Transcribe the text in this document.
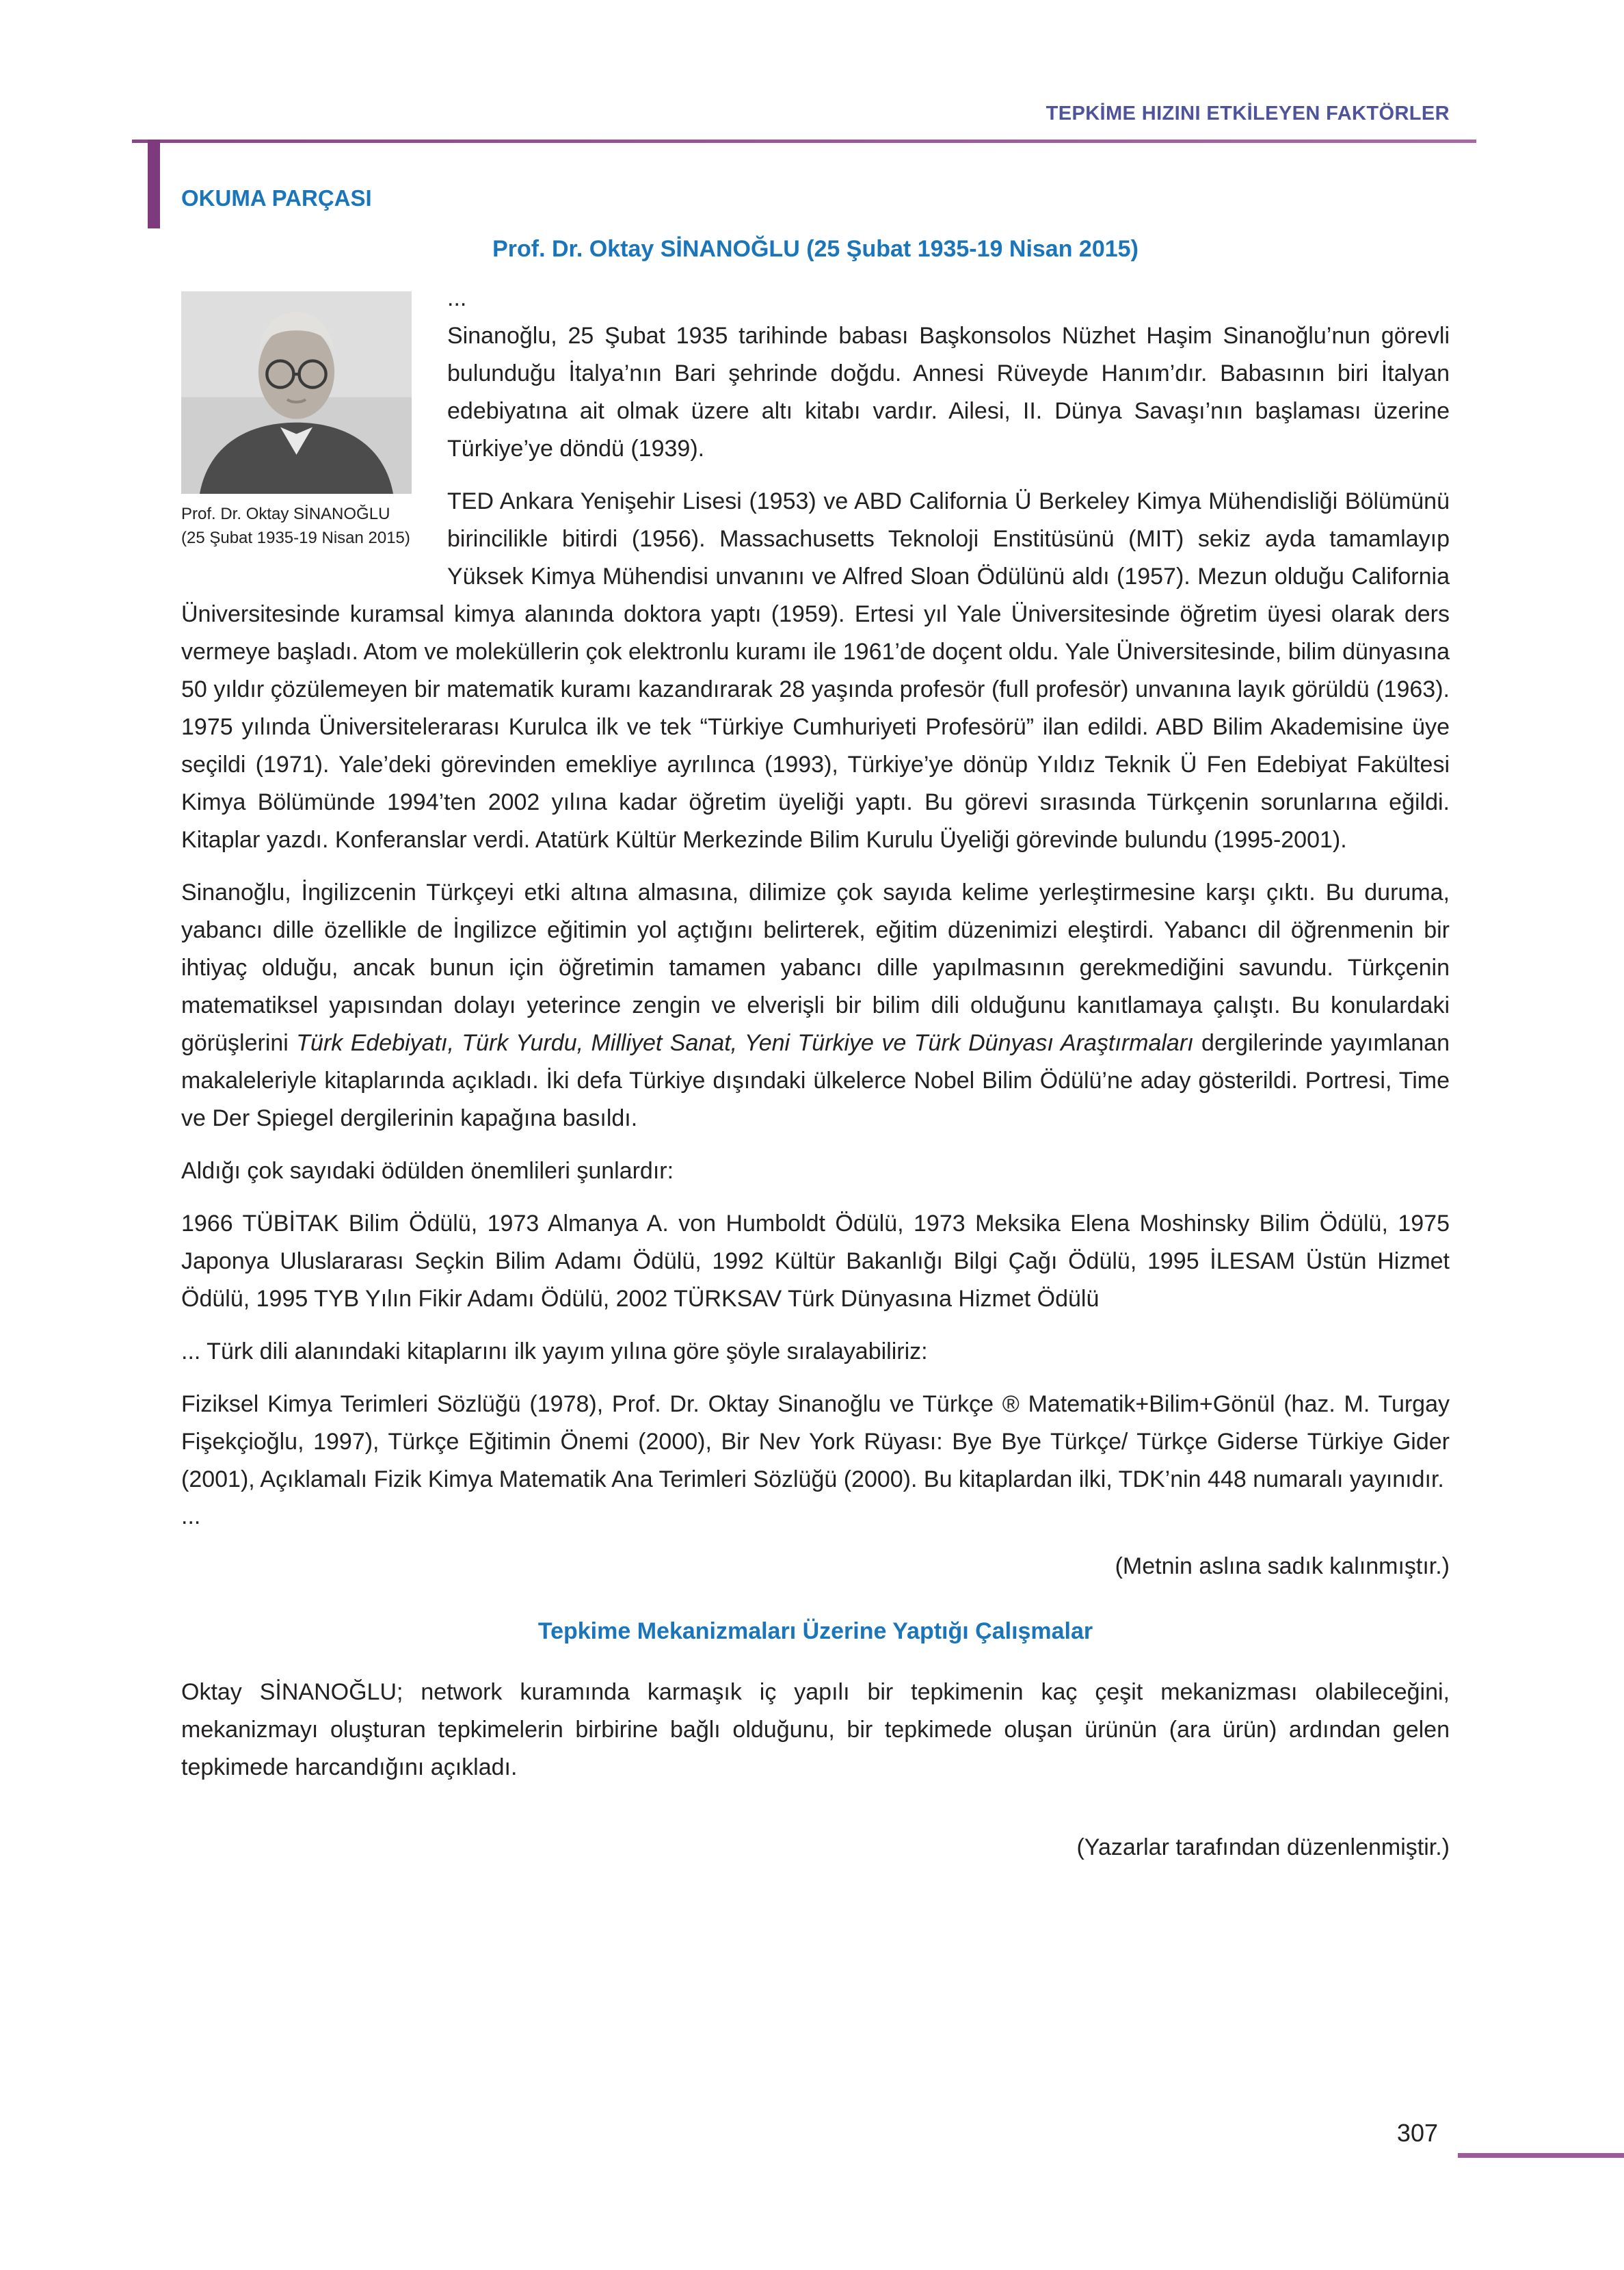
TEPKİME HIZINI ETKİLEYEN FAKTÖRLER
OKUMA PARÇASI
Prof. Dr. Oktay SİNANOĞLU (25 Şubat 1935-19 Nisan 2015)
Prof. Dr. Oktay SİNANOĞLU
(25 Şubat 1935-19 Nisan 2015)

...

Sinanoğlu, 25 Şubat 1935 tarihinde babası Başkonsolos Nüzhet Haşim Sinanoğlu’nun görevli bulunduğu İtalya’nın Bari şehrinde doğdu. Annesi Rüveyde Hanım’dır. Babasının biri İtalyan edebiyatına ait olmak üzere altı kitabı vardır. Ailesi, II. Dünya Savaşı’nın başlaması üzerine Türkiye’ye döndü (1939).

TED Ankara Yenişehir Lisesi (1953) ve ABD California Ü Berkeley Kimya Mühendisliği Bölümünü birincilikle bitirdi (1956). Massachusetts Teknoloji Enstitüsünü (MIT) sekiz ayda tamamlayıp Yüksek Kimya Mühendisi unvanını ve Alfred Sloan Ödülünü aldı (1957). Mezun olduğu California Üniversitesinde kuramsal kimya alanında doktora yaptı (1959). Ertesi yıl Yale Üniversitesinde öğretim üyesi olarak ders vermeye başladı. Atom ve moleküllerin çok elektronlu kuramı ile 1961’de doçent oldu. Yale Üniversitesinde, bilim dünyasına 50 yıldır çözülemeyen bir matematik kuramı kazandırarak 28 yaşında profesör (full profesör) unvanına layık görüldü (1963). 1975 yılında Üniversitelerarası Kurulca ilk ve tek “Türkiye Cumhuriyeti Profesörü” ilan edildi. ABD Bilim Akademisine üye seçildi (1971). Yale’deki görevinden emekliye ayrılınca (1993), Türkiye’ye dönüp Yıldız Teknik Ü Fen Edebiyat Fakültesi Kimya Bölümünde 1994’ten 2002 yılına kadar öğretim üyeliği yaptı. Bu görevi sırasında Türkçenin sorunlarına eğildi. Kitaplar yazdı. Konferanslar verdi. Atatürk Kültür Merkezinde Bilim Kurulu Üyeliği görevinde bulundu (1995-2001).

Sinanoğlu, İngilizcenin Türkçeyi etki altına almasına, dilimize çok sayıda kelime yerleştirmesine karşı çıktı. Bu duruma, yabancı dille özellikle de İngilizce eğitimin yol açtığını belirterek, eğitim düzenimizi eleştirdi. Yabancı dil öğrenmenin bir ihtiyaç olduğu, ancak bunun için öğretimin tamamen yabancı dille yapılmasının gerekmediğini savundu. Türkçenin matematiksel yapısından dolayı yeterince zengin ve elverişli bir bilim dili olduğunu kanıtlamaya çalıştı. Bu konulardaki görüşlerini Türk Edebiyatı, Türk Yurdu, Milliyet Sanat, Yeni Türkiye ve Türk Dünyası Araştırmaları dergilerinde yayımlanan makaleleriyle kitaplarında açıkladı. İki defa Türkiye dışındaki ülkelerce Nobel Bilim Ödülü’ne aday gösterildi. Portresi, Time ve Der Spiegel dergilerinin kapağına basıldı.

Aldığı çok sayıdaki ödülden önemlileri şunlardır:

1966 TÜBİTAK Bilim Ödülü, 1973 Almanya A. von Humboldt Ödülü, 1973 Meksika Elena Moshinsky Bilim Ödülü, 1975 Japonya Uluslararası Seçkin Bilim Adamı Ödülü, 1992 Kültür Bakanlığı Bilgi Çağı Ödülü, 1995 İLESAM Üstün Hizmet Ödülü, 1995 TYB Yılın Fikir Adamı Ödülü, 2002 TÜRKSAV Türk Dünyasına Hizmet Ödülü

... Türk dili alanındaki kitaplarını ilk yayım yılına göre şöyle sıralayabiliriz:

Fiziksel Kimya Terimleri Sözlüğü (1978), Prof. Dr. Oktay Sinanoğlu ve Türkçe ® Matematik+Bilim+Gönül (haz. M. Turgay Fişekçioğlu, 1997), Türkçe Eğitimin Önemi (2000), Bir Nev York Rüyası: Bye Bye Türkçe/ Türkçe Giderse Türkiye Gider (2001), Açıklamalı Fizik Kimya Matematik Ana Terimleri Sözlüğü (2000). Bu kitaplardan ilki, TDK’nin 448 numaralı yayınıdır.

...

(Metnin aslına sadık kalınmıştır.)

Tepkime Mekanizmaları Üzerine Yaptığı Çalışmalar

Oktay SİNANOĞLU; network kuramında karmaşık iç yapılı bir tepkimenin kaç çeşit mekanizması olabileceğini, mekanizmayı oluşturan tepkimelerin birbirine bağlı olduğunu, bir tepkimede oluşan ürünün (ara ürün) ardından gelen tepkimede harcandığını açıkladı.

(Yazarlar tarafından düzenlenmiştir.)

307
